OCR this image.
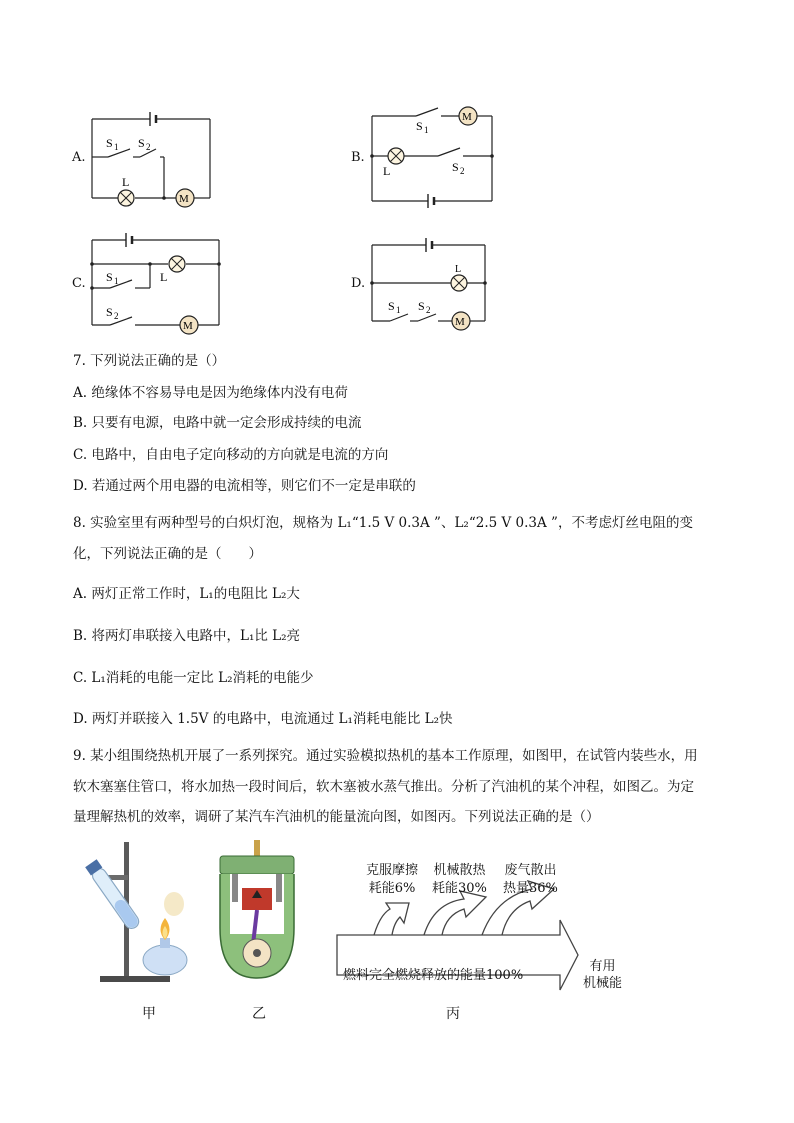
A.
M
L
S 1 S 2
B.
M
L
S 1
S 2
C.
M
L
S 1
S 2
D.
M
L
S 1 S 2
7. 下列说法正确的是（）
A. 绝缘体不容易导电是因为绝缘体内没有电荷
B. 只要有电源，电路中就一定会形成持续的电流
C. 电路中，自由电子定向移动的方向就是电流的方向
D. 若通过两个用电器的电流相等，则它们不一定是串联的
8. 实验室里有两种型号的白炽灯泡，规格为 L₁“1.5 V 0.3A ”、L₂“2.5 V 0.3A ”，不考虑灯丝电阻的变
化，下列说法正确的是（　　）
A. 两灯正常工作时，L₁的电阻比 L₂大
B. 将两灯串联接入电路中，L₁比 L₂亮
C. L₁消耗的电能一定比 L₂消耗的电能少
D. 两灯并联接入 1.5V 的电路中，电流通过 L₁消耗电能比 L₂快
9. 某小组围绕热机开展了一系列探究。通过实验模拟热机的基本工作原理，如图甲，在试管内装些水，用
软木塞塞住管口，将水加热一段时间后，软木塞被水蒸气推出。分析了汽油机的某个冲程，如图乙。为定
量理解热机的效率，调研了某汽车汽油机的能量流向图，如图丙。下列说法正确的是（）
甲	乙
克服摩擦
耗能6%
机械散热
耗能30%
废气散出
热量36%
燃料完全燃烧释放的能量100%
有用
机械能
丙
